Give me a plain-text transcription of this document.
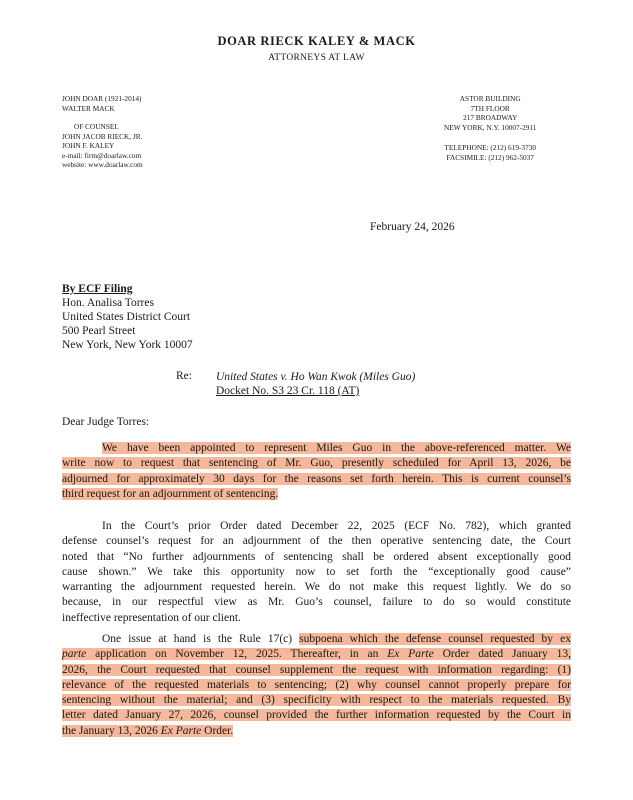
DOAR RIECK KALEY & MACK
ATTORNEYS AT LAW
JOHN DOAR (1921-2014)
WALTER MACK
OF COUNSEL
JOHN JACOB RIECK, JR.
JOHN F. KALEY
e-mail: firm@doarlaw.com
website: www.doarlaw.com
ASTOR BUILDING
7TH FLOOR
217 BROADWAY
NEW YORK, N.Y. 10007-2911
TELEPHONE: (212) 619-3730
FACSIMILE: (212) 962-5037
February 24, 2026
By ECF Filing
Hon. Analisa Torres
United States District Court
500 Pearl Street
New York, New York 10007
Re: United States v. Ho Wan Kwok (Miles Guo)
Docket No. S3 23 Cr. 118 (AT)
Dear Judge Torres:
We have been appointed to represent Miles Guo in the above-referenced matter. We
write now to request that sentencing of Mr. Guo, presently scheduled for April 13, 2026, be
adjourned for approximately 30 days for the reasons set forth herein. This is current counsel’s
third request for an adjournment of sentencing.
In the Court’s prior Order dated December 22, 2025 (ECF No. 782), which granted
defense counsel’s request for an adjournment of the then operative sentencing date, the Court
noted that “No further adjournments of sentencing shall be ordered absent exceptionally good
cause shown.” We take this opportunity now to set forth the “exceptionally good cause”
warranting the adjournment requested herein. We do not make this request lightly. We do so
because, in our respectful view as Mr. Guo’s counsel, failure to do so would constitute
ineffective representation of our client.
One issue at hand is the Rule 17(c) subpoena which the defense counsel requested by ex
parte application on November 12, 2025. Thereafter, in an Ex Parte Order dated January 13,
2026, the Court requested that counsel supplement the request with information regarding: (1)
relevance of the requested materials to sentencing; (2) why counsel cannot properly prepare for
sentencing without the material; and (3) specificity with respect to the materials requested. By
letter dated January 27, 2026, counsel provided the further information requested by the Court in
the January 13, 2026 Ex Parte Order.
